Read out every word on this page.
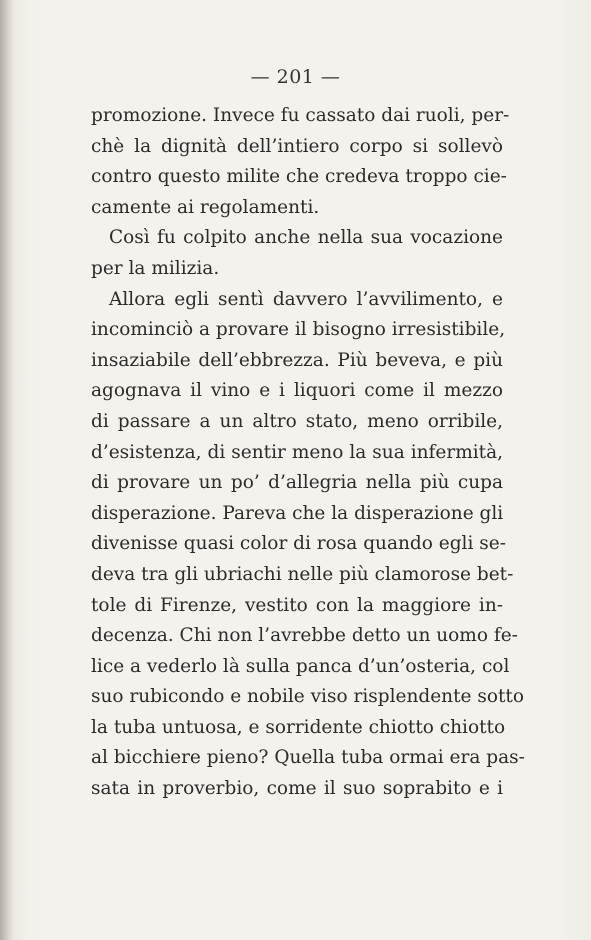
— 201 —
promozione. Invece fu cassato dai ruoli, per-
chè la dignità dell’intiero corpo si sollevò
contro questo milite che credeva troppo cie-
camente ai regolamenti.
Così fu colpito anche nella sua vocazione
per la milizia.
Allora egli sentì davvero l’avvilimento, e
incominciò a provare il bisogno irresistibile,
insaziabile dell’ebbrezza. Più beveva, e più
agognava il vino e i liquori come il mezzo
di passare a un altro stato, meno orribile,
d’esistenza, di sentir meno la sua infermità,
di provare un po’ d’allegria nella più cupa
disperazione. Pareva che la disperazione gli
divenisse quasi color di rosa quando egli se-
deva tra gli ubriachi nelle più clamorose bet-
tole di Firenze, vestito con la maggiore in-
decenza. Chi non l’avrebbe detto un uomo fe-
lice a vederlo là sulla panca d’un’osteria, col
suo rubicondo e nobile viso risplendente sotto
la tuba untuosa, e sorridente chiotto chiotto
al bicchiere pieno? Quella tuba ormai era pas-
sata in proverbio, come il suo soprabito e i
